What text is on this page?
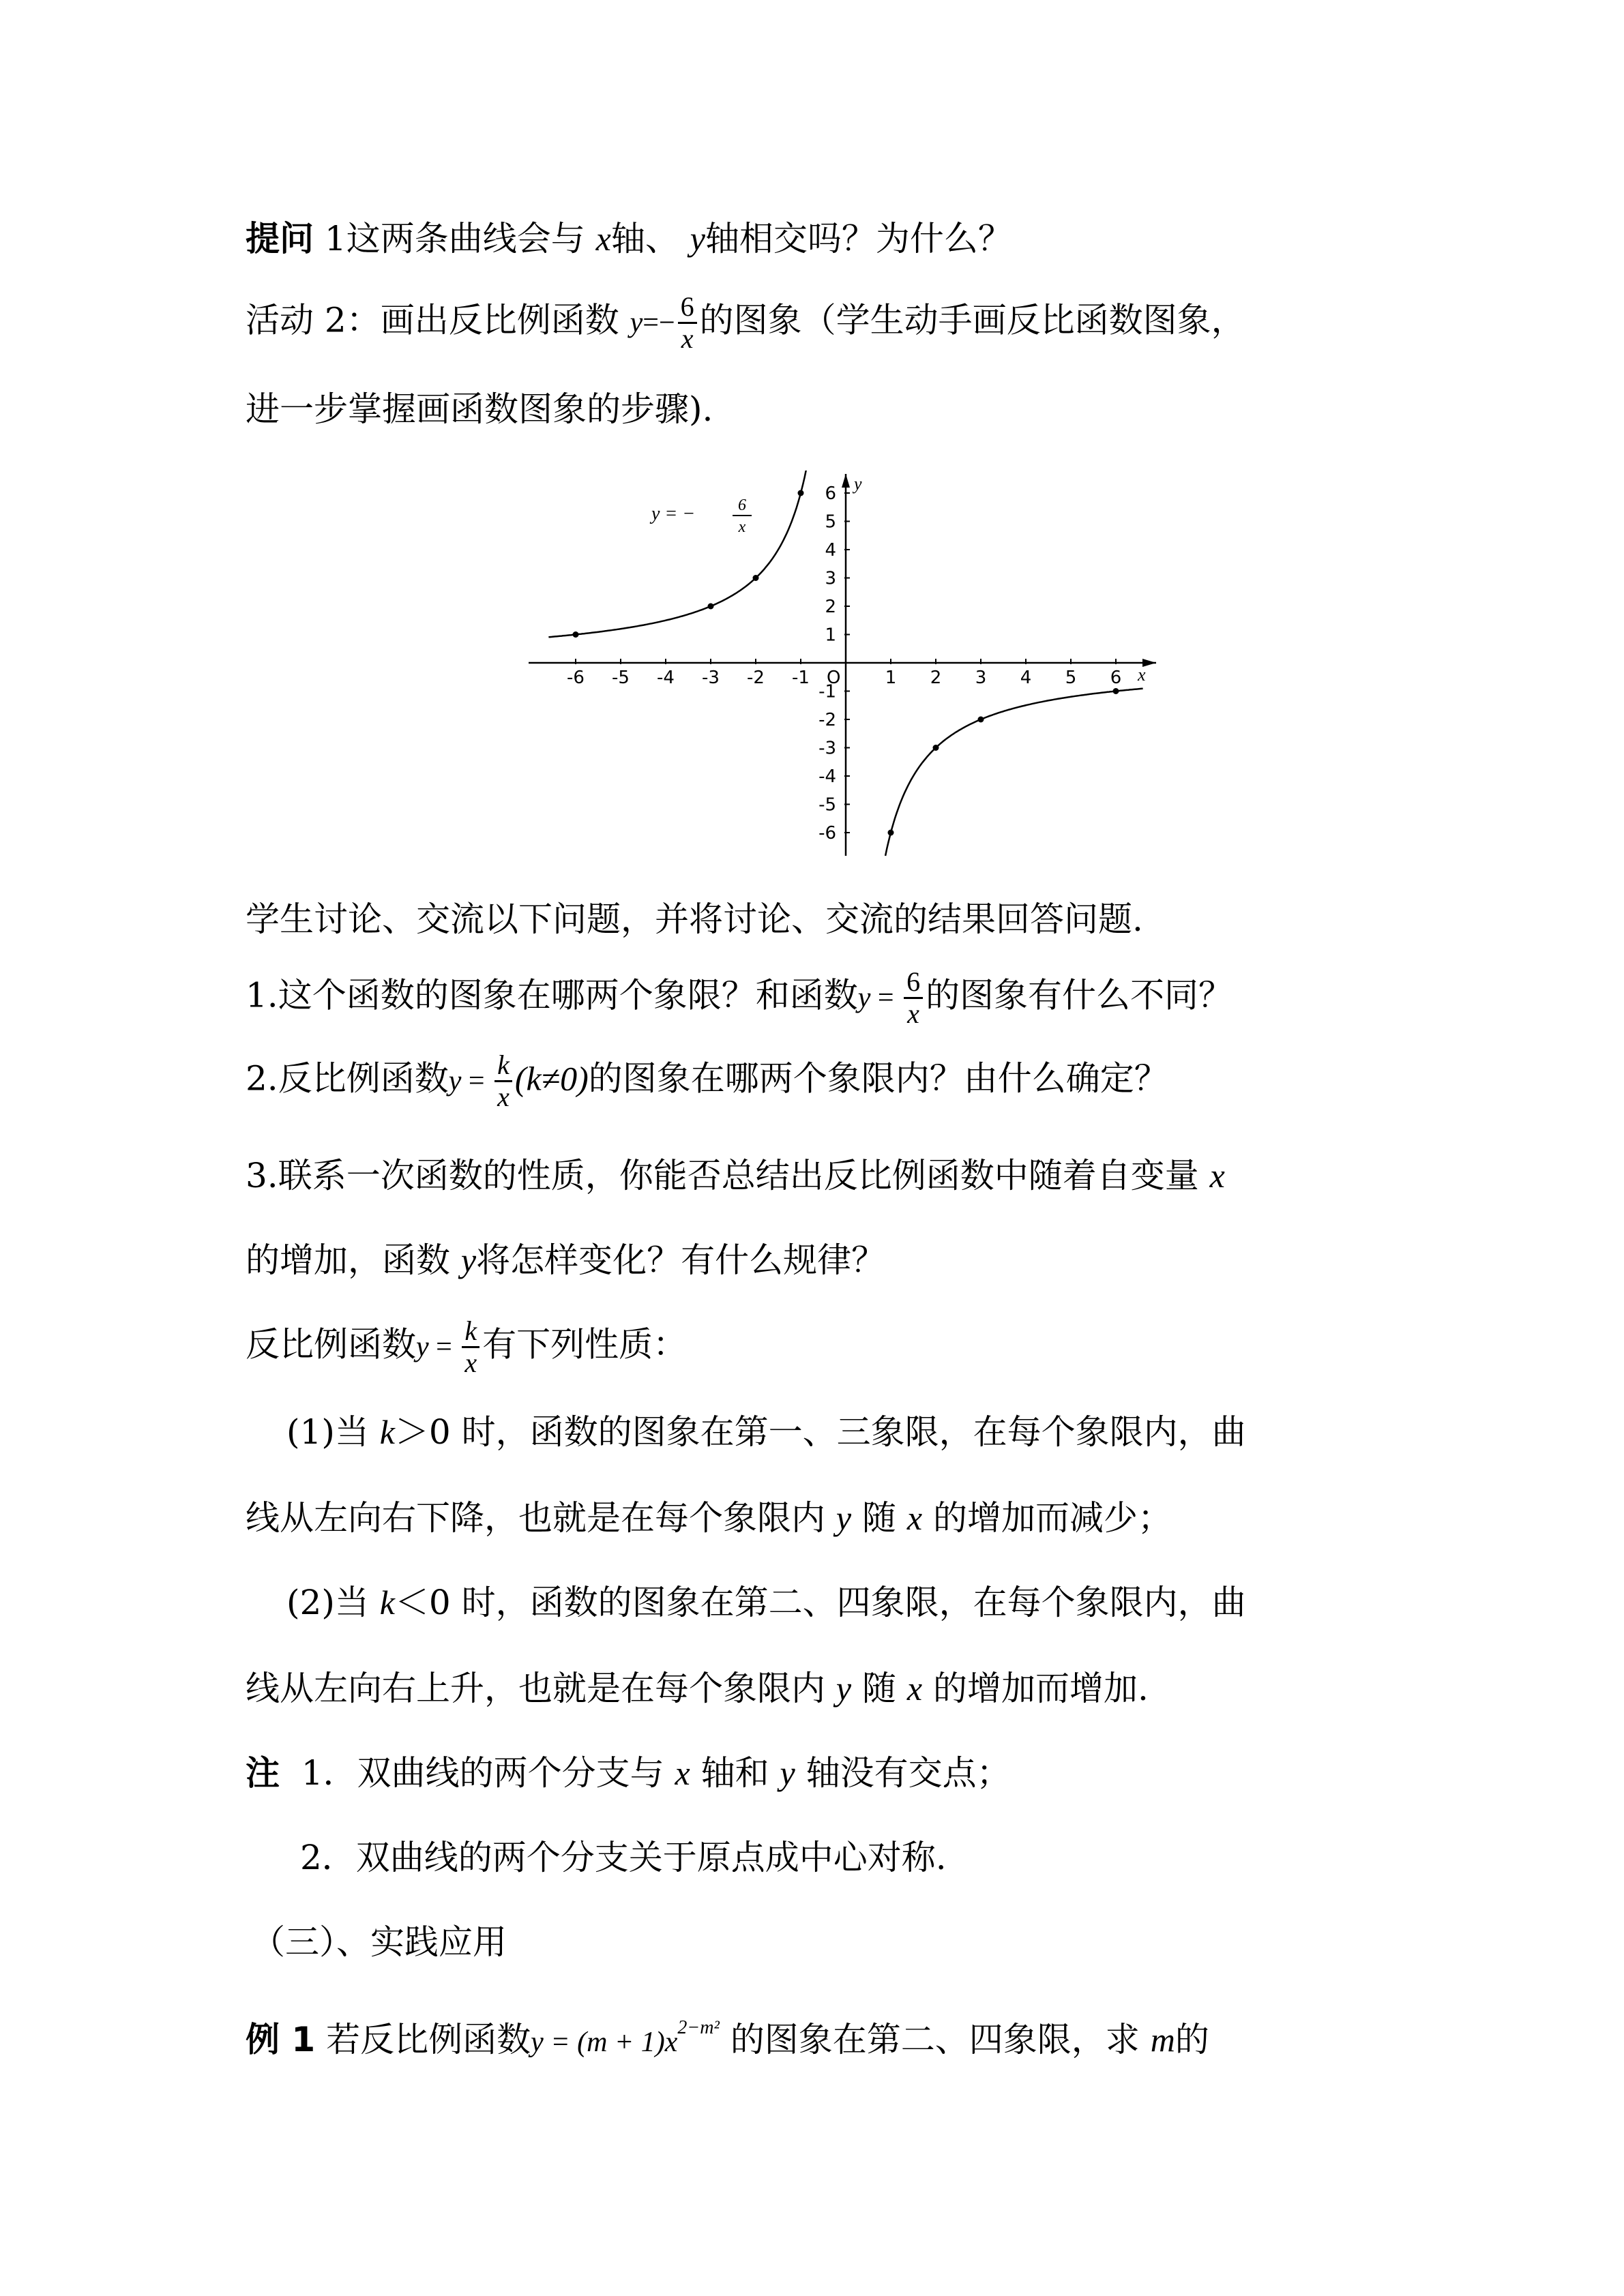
提问 1这两条曲线会与 x轴、 y轴相交吗？为什么？
活动 2：画出反比例函数 $y=- \frac{6}{x}$ 的图象（学生动手画反比函数图象，
进一步掌握画函数图象的步骤).
-6 -5 -4 -3 -2 -1	1 2 3 4 5 6
6
5
4
3
2
1
-1
-2
-3
-4
-5
-6
O	x
y
y = −	6
x
学生讨论、交流以下问题，并将讨论、交流的结果回答问题.
1.这个函数的图象在哪两个象限？和函数$y = \frac{6}{x}$ 的图象有什么不同？
2.反比例函数$y = \frac{k}{x} (k\ne 0)$的图象在哪两个象限内？由什么确定？
3.联系一次函数的性质，你能否总结出反比例函数中随着自变量 x
的增加，函数 y将怎样变化？有什么规律？
反比例函数$y = \frac{k}{x}$ 有下列性质：
(1)当 k＞0 时，函数的图象在第一、三象限，在每个象限内，曲
线从左向右下降，也就是在每个象限内 y 随 x 的增加而减少；
(2)当 k＜0 时，函数的图象在第二、四象限，在每个象限内，曲
线从左向右上升，也就是在每个象限内 y 随 x 的增加而增加.
注 1．双曲线的两个分支与 x 轴和 y 轴没有交点；
2．双曲线的两个分支关于原点成中心对称.
（三）、实践应用
例 1 若反比例函数$y = (m + 1)x^{2-m^2}$ 的图象在第二、四象限，求 m的
